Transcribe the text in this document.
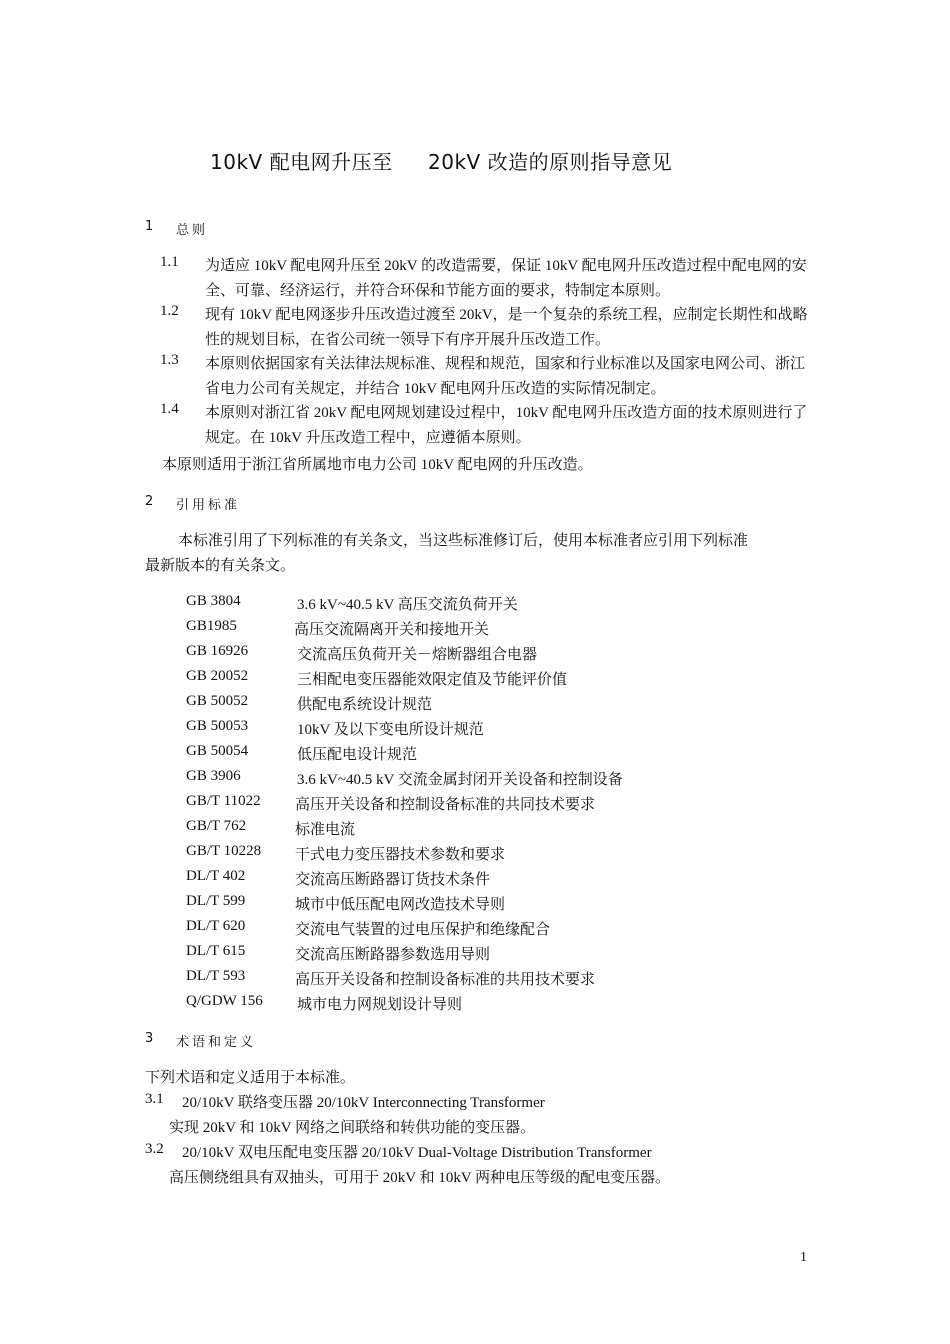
10kV 配电网升压至 20kV 改造的原则指导意见
1 总则
1.1 为适应 10kV 配电网升压至 20kV 的改造需要，保证 10kV 配电网升压改造过程中配电网的安全、可靠、经济运行，并符合环保和节能方面的要求，特制定本原则。
1.2 现有 10kV 配电网逐步升压改造过渡至 20kV，是一个复杂的系统工程，应制定长期性和战略性的规划目标，在省公司统一领导下有序开展升压改造工作。
1.3 本原则依据国家有关法律法规标准、规程和规范，国家和行业标准以及国家电网公司、浙江省电力公司有关规定，并结合 10kV 配电网升压改造的实际情况制定。
1.4 本原则对浙江省 20kV 配电网规划建设过程中，10kV 配电网升压改造方面的技术原则进行了规定。在 10kV 升压改造工程中，应遵循本原则。
本原则适用于浙江省所属地市电力公司 10kV 配电网的升压改造。
2 引用标准
本标准引用了下列标准的有关条文，当这些标准修订后，使用本标准者应引用下列标准
最新版本的有关条文。
GB 3804	3.6 kV~40.5 kV 高压交流负荷开关
GB1985	高压交流隔离开关和接地开关
GB 16926	交流高压负荷开关－熔断器组合电器
GB 20052	三相配电变压器能效限定值及节能评价值
GB 50052	供配电系统设计规范
GB 50053	10kV 及以下变电所设计规范
GB 50054	低压配电设计规范
GB 3906	3.6 kV~40.5 kV 交流金属封闭开关设备和控制设备
GB/T 11022 高压开关设备和控制设备标准的共同技术要求
GB/T 762	标准电流
GB/T 10228 干式电力变压器技术参数和要求
DL/T 402	交流高压断路器订货技术条件
DL/T 599	城市中低压配电网改造技术导则
DL/T 620	交流电气装置的过电压保护和绝缘配合
DL/T 615	交流高压断路器参数选用导则
DL/T 593	高压开关设备和控制设备标准的共用技术要求
Q/GDW 156 城市电力网规划设计导则
3 术语和定义
下列术语和定义适用于本标准。
3.1 20/10kV 联络变压器 20/10kV Interconnecting Transformer
实现 20kV 和 10kV 网络之间联络和转供功能的变压器。
3.2 20/10kV 双电压配电变压器 20/10kV Dual-Voltage Distribution Transformer
高压侧绕组具有双抽头，可用于 20kV 和 10kV 两种电压等级的配电变压器。
1
